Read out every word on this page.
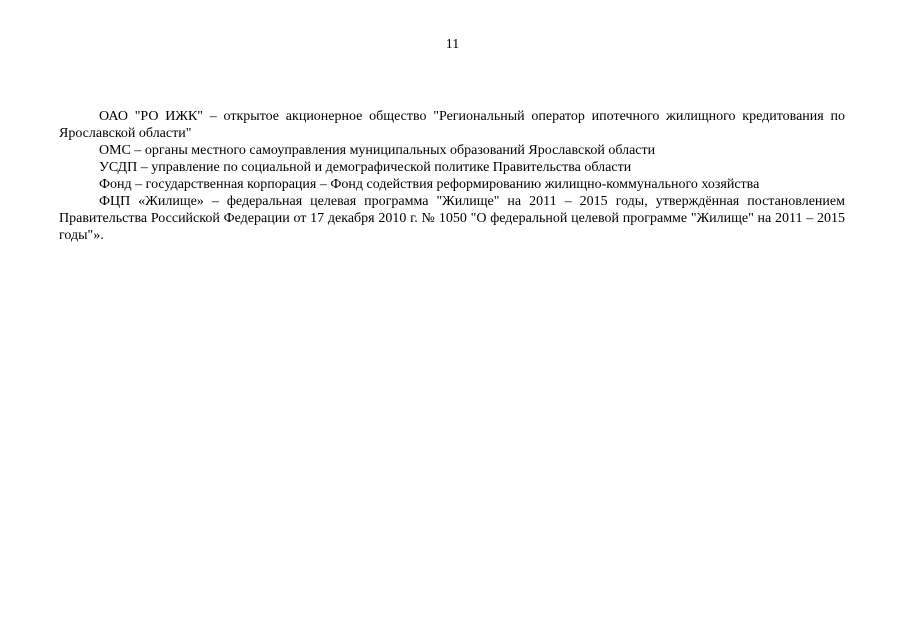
11

ОАО "РО ИЖК" – открытое акционерное общество "Региональный оператор ипотечного жилищного кредитования по Ярославской области"

ОМС – органы местного самоуправления муниципальных образований Ярославской области

УСДП – управление по социальной и демографической политике Правительства области

Фонд – государственная корпорация – Фонд содействия реформированию жилищно-коммунального хозяйства

ФЦП «Жилище» – федеральная целевая программа "Жилище" на 2011 – 2015 годы, утверждённая постановлением Правительства Российской Федерации от 17 декабря 2010 г. № 1050 "О федеральной целевой программе "Жилище" на 2011 – 2015 годы"».
